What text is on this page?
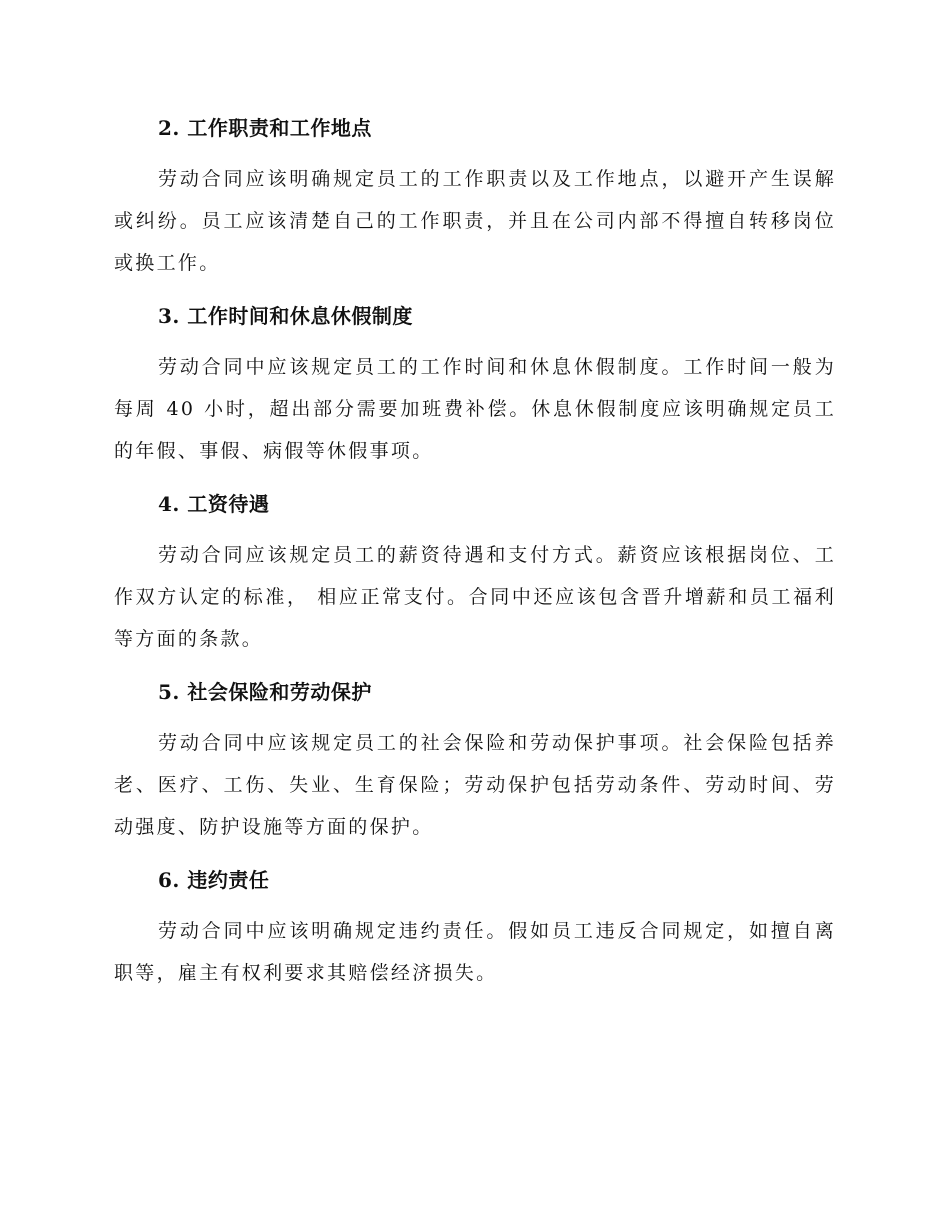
2. 工作职责和工作地点

劳动合同应该明确规定员工的工作职责以及工作地点，以避开产生误解或纠纷。员工应该清楚自己的工作职责，并且在公司内部不得擅自转移岗位或换工作。

3. 工作时间和休息休假制度

劳动合同中应该规定员工的工作时间和休息休假制度。工作时间一般为每周 40 小时，超出部分需要加班费补偿。休息休假制度应该明确规定员工的年假、事假、病假等休假事项。

4. 工资待遇

劳动合同应该规定员工的薪资待遇和支付方式。薪资应该根据岗位、工作双方认定的标准， 相应正常支付。合同中还应该包含晋升增薪和员工福利等方面的条款。

5. 社会保险和劳动保护

劳动合同中应该规定员工的社会保险和劳动保护事项。社会保险包括养老、医疗、工伤、失业、生育保险；劳动保护包括劳动条件、劳动时间、劳动强度、防护设施等方面的保护。

6. 违约责任

劳动合同中应该明确规定违约责任。假如员工违反合同规定，如擅自离职等，雇主有权利要求其赔偿经济损失。
